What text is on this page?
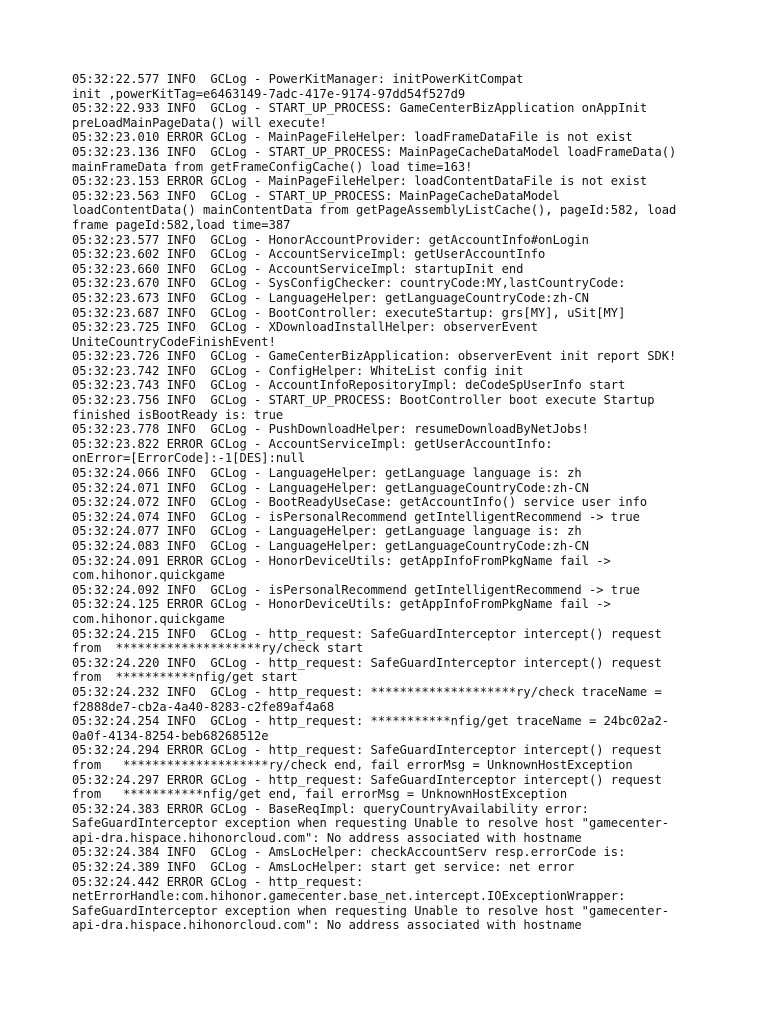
05:32:22.577 INFO  GCLog - PowerKitManager: initPowerKitCompat
init ,powerKitTag=e6463149-7adc-417e-9174-97dd54f527d9
05:32:22.933 INFO  GCLog - START_UP_PROCESS: GameCenterBizApplication onAppInit
preLoadMainPageData() will execute!
05:32:23.010 ERROR GCLog - MainPageFileHelper: loadFrameDataFile is not exist
05:32:23.136 INFO  GCLog - START_UP_PROCESS: MainPageCacheDataModel loadFrameData()
mainFrameData from getFrameConfigCache() load time=163!
05:32:23.153 ERROR GCLog - MainPageFileHelper: loadContentDataFile is not exist
05:32:23.563 INFO  GCLog - START_UP_PROCESS: MainPageCacheDataModel
loadContentData() mainContentData from getPageAssemblyListCache(), pageId:582, load
frame pageId:582,load time=387
05:32:23.577 INFO  GCLog - HonorAccountProvider: getAccountInfo#onLogin
05:32:23.602 INFO  GCLog - AccountServiceImpl: getUserAccountInfo
05:32:23.660 INFO  GCLog - AccountServiceImpl: startupInit end
05:32:23.670 INFO  GCLog - SysConfigChecker: countryCode:MY,lastCountryCode:
05:32:23.673 INFO  GCLog - LanguageHelper: getLanguageCountryCode:zh-CN
05:32:23.687 INFO  GCLog - BootController: executeStartup: grs[MY], uSit[MY]
05:32:23.725 INFO  GCLog - XDownloadInstallHelper: observerEvent
UniteCountryCodeFinishEvent!
05:32:23.726 INFO  GCLog - GameCenterBizApplication: observerEvent init report SDK!
05:32:23.742 INFO  GCLog - ConfigHelper: WhiteList config init
05:32:23.743 INFO  GCLog - AccountInfoRepositoryImpl: deCodeSpUserInfo start
05:32:23.756 INFO  GCLog - START_UP_PROCESS: BootController boot execute Startup
finished isBootReady is: true
05:32:23.778 INFO  GCLog - PushDownloadHelper: resumeDownloadByNetJobs!
05:32:23.822 ERROR GCLog - AccountServiceImpl: getUserAccountInfo:
onError=[ErrorCode]:-1[DES]:null
05:32:24.066 INFO  GCLog - LanguageHelper: getLanguage language is: zh
05:32:24.071 INFO  GCLog - LanguageHelper: getLanguageCountryCode:zh-CN
05:32:24.072 INFO  GCLog - BootReadyUseCase: getAccountInfo() service user info
05:32:24.074 INFO  GCLog - isPersonalRecommend getIntelligentRecommend -> true
05:32:24.077 INFO  GCLog - LanguageHelper: getLanguage language is: zh
05:32:24.083 INFO  GCLog - LanguageHelper: getLanguageCountryCode:zh-CN
05:32:24.091 ERROR GCLog - HonorDeviceUtils: getAppInfoFromPkgName fail ->
com.hihonor.quickgame
05:32:24.092 INFO  GCLog - isPersonalRecommend getIntelligentRecommend -> true
05:32:24.125 ERROR GCLog - HonorDeviceUtils: getAppInfoFromPkgName fail ->
com.hihonor.quickgame
05:32:24.215 INFO  GCLog - http_request: SafeGuardInterceptor intercept() request
from  ********************ry/check start
05:32:24.220 INFO  GCLog - http_request: SafeGuardInterceptor intercept() request
from  ***********nfig/get start
05:32:24.232 INFO  GCLog - http_request: ********************ry/check traceName =
f2888de7-cb2a-4a40-8283-c2fe89af4a68
05:32:24.254 INFO  GCLog - http_request: ***********nfig/get traceName = 24bc02a2-
0a0f-4134-8254-beb68268512e
05:32:24.294 ERROR GCLog - http_request: SafeGuardInterceptor intercept() request
from   ********************ry/check end, fail errorMsg = UnknownHostException
05:32:24.297 ERROR GCLog - http_request: SafeGuardInterceptor intercept() request
from   ***********nfig/get end, fail errorMsg = UnknownHostException
05:32:24.383 ERROR GCLog - BaseReqImpl: queryCountryAvailability error:
SafeGuardInterceptor exception when requesting Unable to resolve host "gamecenter-
api-dra.hispace.hihonorcloud.com": No address associated with hostname
05:32:24.384 INFO  GCLog - AmsLocHelper: checkAccountServ resp.errorCode is:
05:32:24.389 INFO  GCLog - AmsLocHelper: start get service: net error
05:32:24.442 ERROR GCLog - http_request:
netErrorHandle:com.hihonor.gamecenter.base_net.intercept.IOExceptionWrapper:
SafeGuardInterceptor exception when requesting Unable to resolve host "gamecenter-
api-dra.hispace.hihonorcloud.com": No address associated with hostname
